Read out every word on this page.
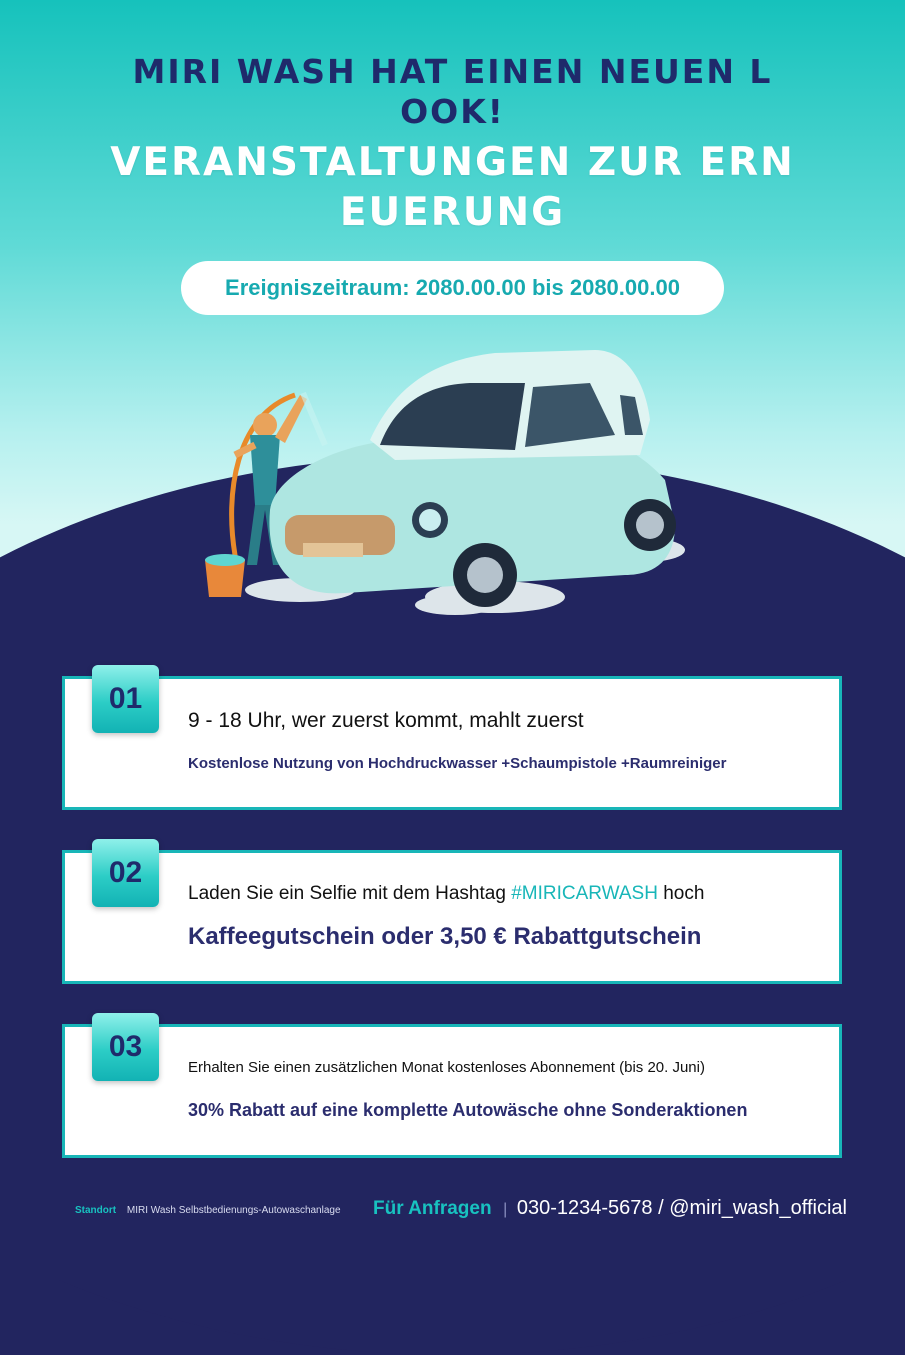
MIRI WASH HAT EINEN NEUEN L OOK!
VERANSTALTUNGEN ZUR ERN EUERUNG
Ereigniszeitraum: 2080.00.00 bis 2080.00.00
01
9 - 18 Uhr, wer zuerst kommt, mahlt zuerst
Kostenlose Nutzung von Hochdruckwasser +Schaumpistole +Raumreiniger
02
Laden Sie ein Selfie mit dem Hashtag #MIRICARWASH hoch
Kaffeegutschein oder 3,50 € Rabattgutschein
03
Erhalten Sie einen zusätzlichen Monat kostenloses Abonnement (bis 20. Juni)
30% Rabatt auf eine komplette Autowäsche ohne Sonderaktionen
Standort MIRI Wash Selbstbedienungs-Autowaschanlage Für Anfragen | 030-1234-5678 / @miri_wash_official
